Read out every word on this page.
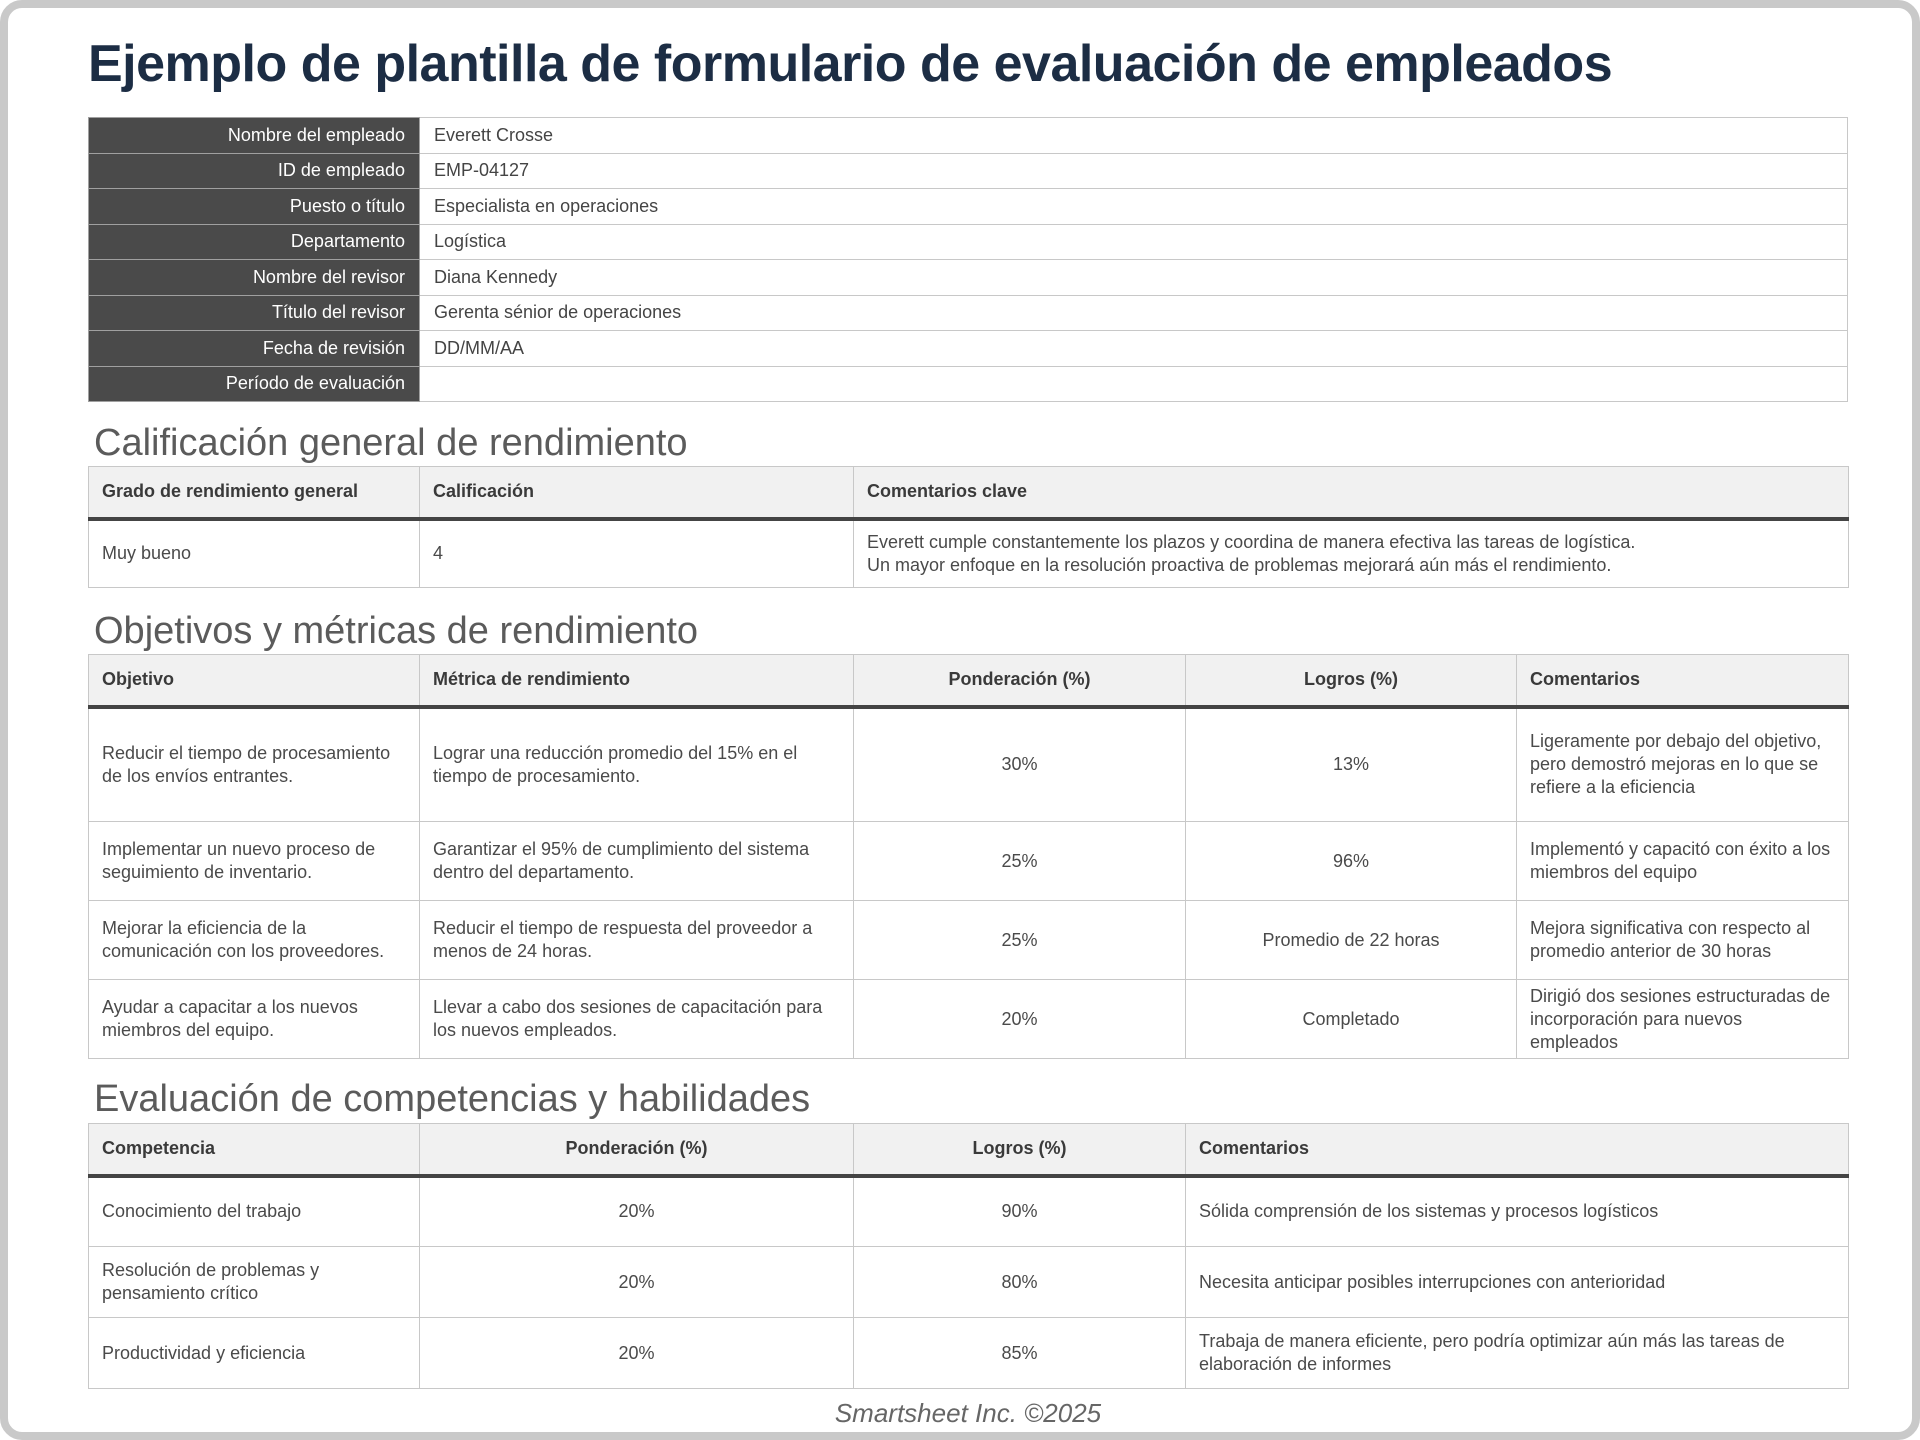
Ejemplo de plantilla de formulario de evaluación de empleados
Nombre del empleado	Everett Crosse
ID de empleado	EMP-04127
Puesto o título	Especialista en operaciones
Departamento	Logística
Nombre del revisor	Diana Kennedy
Título del revisor	Gerenta sénior de operaciones
Fecha de revisión	DD/MM/AA
Período de evaluación	
Calificación general de rendimiento
Grado de rendimiento general	Calificación	Comentarios clave
Muy bueno	4	Everett cumple constantemente los plazos y coordina de manera efectiva las tareas de logística.
Un mayor enfoque en la resolución proactiva de problemas mejorará aún más el rendimiento.
Objetivos y métricas de rendimiento
Objetivo	Métrica de rendimiento	Ponderación (%)	Logros (%)	Comentarios
Reducir el tiempo de procesamiento de los envíos entrantes.	Lograr una reducción promedio del 15% en el tiempo de procesamiento.	30%	13%	Ligeramente por debajo del objetivo, pero demostró mejoras en lo que se refiere a la eficiencia
Implementar un nuevo proceso de seguimiento de inventario.	Garantizar el 95% de cumplimiento del sistema dentro del departamento.	25%	96%	Implementó y capacitó con éxito a los miembros del equipo
Mejorar la eficiencia de la comunicación con los proveedores.	Reducir el tiempo de respuesta del proveedor a menos de 24 horas.	25%	Promedio de 22 horas	Mejora significativa con respecto al promedio anterior de 30 horas
Ayudar a capacitar a los nuevos miembros del equipo.	Llevar a cabo dos sesiones de capacitación para los nuevos empleados.	20%	Completado	Dirigió dos sesiones estructuradas de incorporación para nuevos empleados
Evaluación de competencias y habilidades
Competencia	Ponderación (%)	Logros (%)	Comentarios
Conocimiento del trabajo	20%	90%	Sólida comprensión de los sistemas y procesos logísticos
Resolución de problemas y pensamiento crítico	20%	80%	Necesita anticipar posibles interrupciones con anterioridad
Productividad y eficiencia	20%	85%	Trabaja de manera eficiente, pero podría optimizar aún más las tareas de elaboración de informes
Smartsheet Inc. ©2025
